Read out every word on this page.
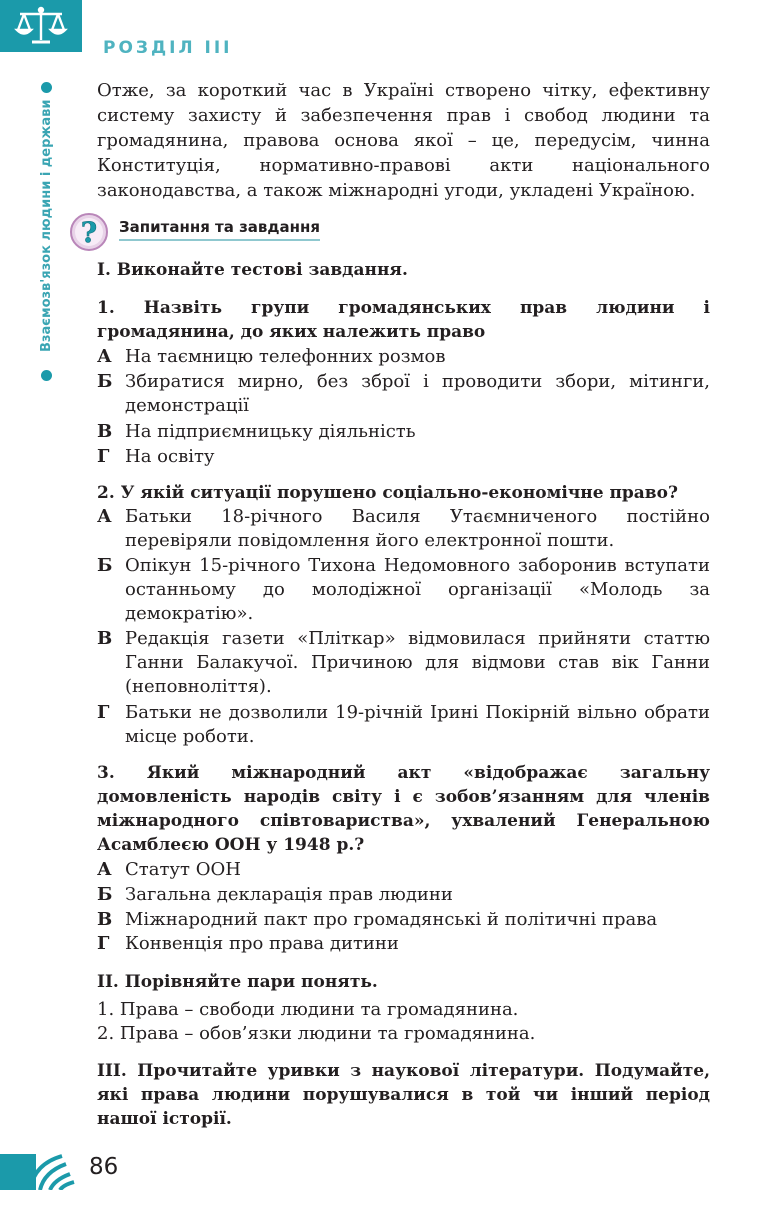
РОЗДІЛ ІІІ
Взаємозв'язок людини і держави

Отже, за короткий час в Україні створено чітку, ефективну систему захисту й забезпечення прав і свобод людини та громадянина, правова основа якої – це, передусім, чинна Конституція, нормативно-правові акти національного законодавства, а також міжнародні угоди, укладені Україною.

? Запитання та завдання

I. Виконайте тестові завдання.

1. Назвіть групи громадянських прав людини і громадянина, до яких належить право

А На таємницю телефонних розмов
Б Збиратися мирно, без зброї і проводити збори, мітинги, демонстрації
В На підприємницьку діяльність
Г На освіту

2. У якій ситуації порушено соціально-економічне право?

А Батьки 18-річного Василя Утаємниченого постійно перевіряли повідомлення його електронної пошти.
Б Опікун 15-річного Тихона Недомовного заборонив вступати останньому до молодіжної організації «Молодь за демократію».
В Редакція газети «Пліткар» відмовилася прийняти статтю Ганни Балакучої. Причиною для відмови став вік Ганни (неповноліття).
Г Батьки не дозволили 19-річній Ірині Покірній вільно обрати місце роботи.

3. Який міжнародний акт «відображає загальну домовленість народів світу і є зобов’язанням для членів міжнародного співтовариства», ухвалений Генеральною Асамблеєю ООН у 1948 р.?

А Статут ООН
Б Загальна декларація прав людини
В Міжнародний пакт про громадянські й політичні права
Г Конвенція про права дитини

II. Порівняйте пари понять.

1. Права – свободи людини та громадянина.
2. Права – обов’язки людини та громадянина.

III. Прочитайте уривки з наукової літератури. Подумайте, які права людини порушувалися в той чи інший період нашої історії.

86
